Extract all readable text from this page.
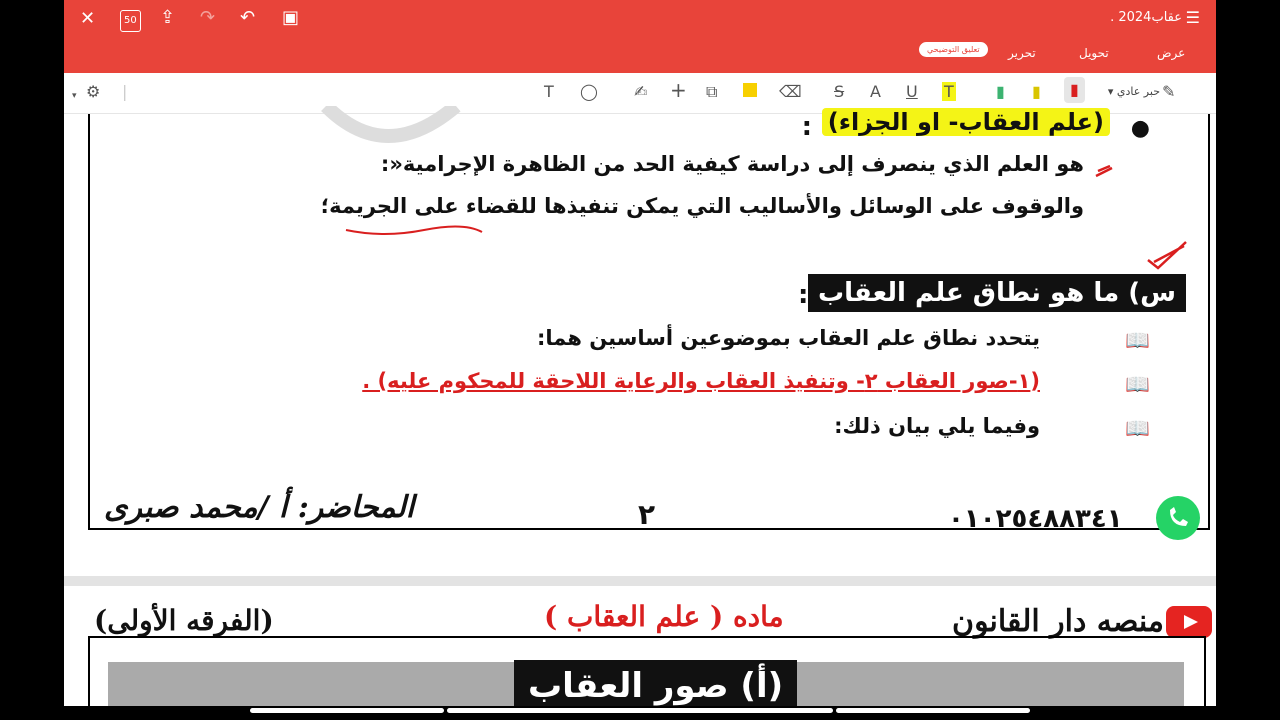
✕	50 ⇪ ↷ ↶ ▣	عقاب2024 . ☰
عرض
تحويل
تحرير
تعليق التوضيحي
▾ ⚙ |	T ◯ ✍ + ⧉	⌫ S A U T	▮ ▮	▮	حبر عادي ▾	✎
●
(علم العقاب- او الجزاء)
:
هو العلم الذي ينصرف إلى دراسة كيفية الحد من الظاهرة الإجرامية«:
والوقوف على الوسائل والأساليب التي يمكن تنفيذها للقضاء على الجريمة؛
س) ما هو نطاق علم العقاب
:
📖
يتحدد نطاق علم العقاب بموضوعين أساسين هما:
📖
(١-صور العقاب ٢- وتنفيذ العقاب والرعاية اللاحقة للمحكوم عليه) .
📖
وفيما يلي بيان ذلك:
المحاضر: أ /محمد صبرى	٢	٠١٠٢٥٤٨٨٣٤١
منصه دار القانون
ماده ( علم العقاب )
(الفرقه الأولى)
(أ) صور العقاب
